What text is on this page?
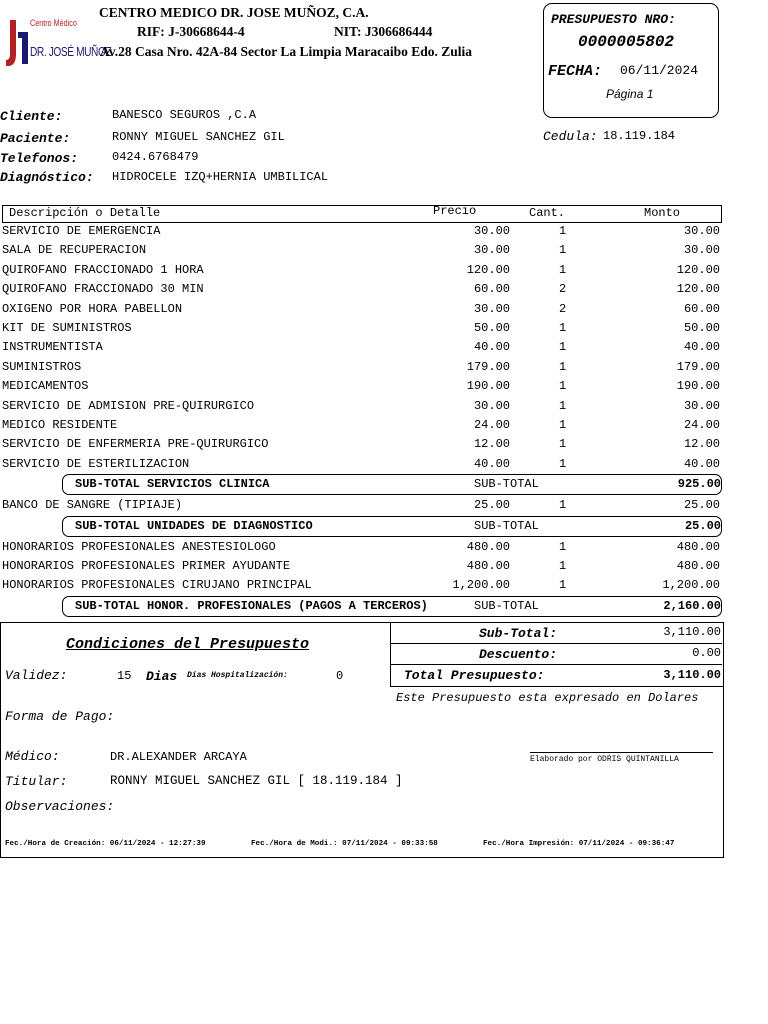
Centro Médico
DR. JOSÉ MUÑOZ
CENTRO MEDICO DR. JOSE MUÑOZ, C.A.
RIF: J-30668644-4	NIT: J306686444
Av.28 Casa Nro. 42A-84 Sector La Limpia Maracaibo Edo. Zulia
PRESUPUESTO NRO:
0000005802
FECHA: 06/11/2024
Página 1
Cliente:	BANESCO SEGUROS ,C.A
Paciente:	RONNY MIGUEL SANCHEZ GIL
Telefonos:	0424.6768479
Diagnóstico: HIDROCELE IZQ+HERNIA UMBILICAL
Cedula: 18.119.184
Descripción o Detalle	Precio	Cant.	Monto
SERVICIO DE EMERGENCIA	30.00	1	30.00
SALA DE RECUPERACION	30.00	1	30.00
QUIROFANO FRACCIONADO 1 HORA	120.00	1	120.00
QUIROFANO FRACCIONADO 30 MIN	60.00	2	120.00
OXIGENO POR HORA PABELLON	30.00	2	60.00
KIT DE SUMINISTROS	50.00	1	50.00
INSTRUMENTISTA	40.00	1	40.00
SUMINISTROS	179.00	1	179.00
MEDICAMENTOS	190.00	1	190.00
SERVICIO DE ADMISION PRE-QUIRURGICO	30.00	1	30.00
MEDICO RESIDENTE	24.00	1	24.00
SERVICIO DE ENFERMERIA PRE-QUIRURGICO	12.00	1	12.00
SERVICIO DE ESTERILIZACION	40.00	1	40.00
SUB-TOTAL SERVICIOS CLINICA	SUB-TOTAL	925.00
BANCO DE SANGRE (TIPIAJE)	25.00	1	25.00
SUB-TOTAL UNIDADES DE DIAGNOSTICO	SUB-TOTAL	25.00
HONORARIOS PROFESIONALES ANESTESIOLOGO	480.00	1	480.00
HONORARIOS PROFESIONALES PRIMER AYUDANTE	480.00	1	480.00
HONORARIOS PROFESIONALES CIRUJANO PRINCIPAL	1,200.00	1	1,200.00
SUB-TOTAL HONOR. PROFESIONALES (PAGOS A TERCEROS)	SUB-TOTAL	2,160.00
Sub-Total:	3,110.00
Descuento:	0.00
Total Presupuesto:	3,110.00
Condiciones del Presupuesto
Validez:	15 Dias Días Hospitalización:	0
Este Presupuesto esta expresado en Dolares
Forma de Pago:
Médico:	DR.ALEXANDER ARCAYA	Elaborado por ODRIS QUINTANILLA
Titular:	RONNY MIGUEL SANCHEZ GIL [ 18.119.184 ]
Observaciones:
Fec./Hora de Creación: 06/11/2024 - 12:27:39	Fec./Hora de Modi.: 07/11/2024 - 09:33:58	Fec./Hora Impresión: 07/11/2024 - 09:36:47
